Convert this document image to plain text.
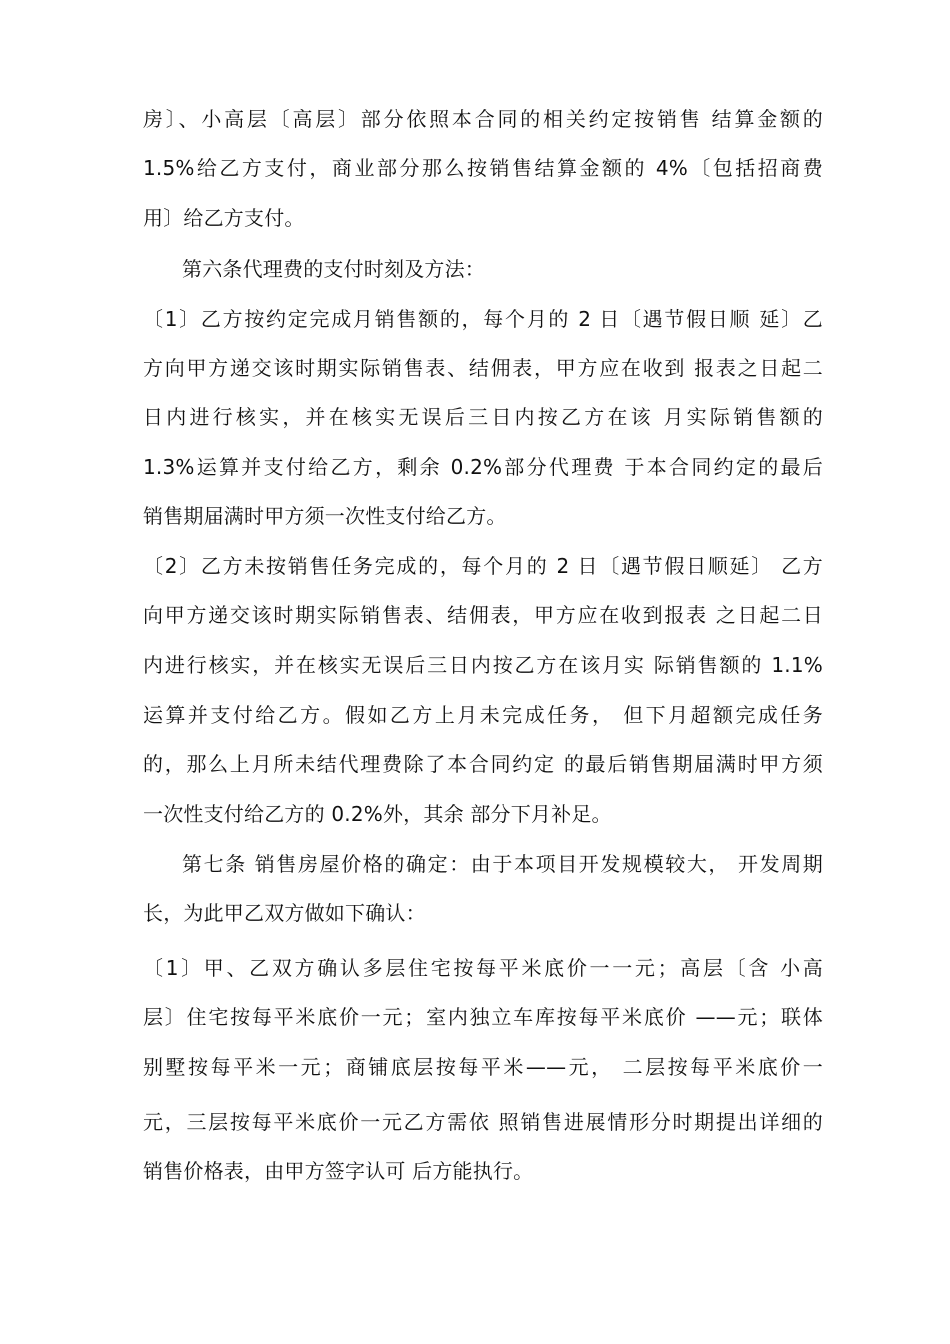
房〕、小高层〔高层〕部分依照本合同的相关约定按销售 结算金额的
1.5%给乙方支付，商业部分那么按销售结算金额的 4%〔包括招商费
用〕给乙方支付。
第六条代理费的支付时刻及方法：
〔1〕乙方按约定完成月销售额的，每个月的 2 日〔遇节假日顺 延〕乙
方向甲方递交该时期实际销售表、结佣表，甲方应在收到 报表之日起二
日内进行核实，并在核实无误后三日内按乙方在该 月实际销售额的
1.3%运算并支付给乙方，剩余 0.2%部分代理费 于本合同约定的最后
销售期届满时甲方须一次性支付给乙方。
〔2〕乙方未按销售任务完成的，每个月的 2 日〔遇节假日顺延〕 乙方
向甲方递交该时期实际销售表、结佣表，甲方应在收到报表 之日起二日
内进行核实，并在核实无误后三日内按乙方在该月实 际销售额的 1.1%
运算并支付给乙方。假如乙方上月未完成任务， 但下月超额完成任务
的，那么上月所未结代理费除了本合同约定 的最后销售期届满时甲方须
一次性支付给乙方的 0.2%外，其余 部分下月补足。
第七条 销售房屋价格的确定：由于本项目开发规模较大， 开发周期
长，为此甲乙双方做如下确认：
〔1〕甲、乙双方确认多层住宅按每平米底价一一元；高层〔含 小高
层〕住宅按每平米底价一元；室内独立车库按每平米底价 ——元；联体
别墅按每平米一元；商铺底层按每平米——元， 二层按每平米底价一
元，三层按每平米底价一元乙方需依 照销售进展情形分时期提出详细的
销售价格表，由甲方签字认可 后方能执行。
